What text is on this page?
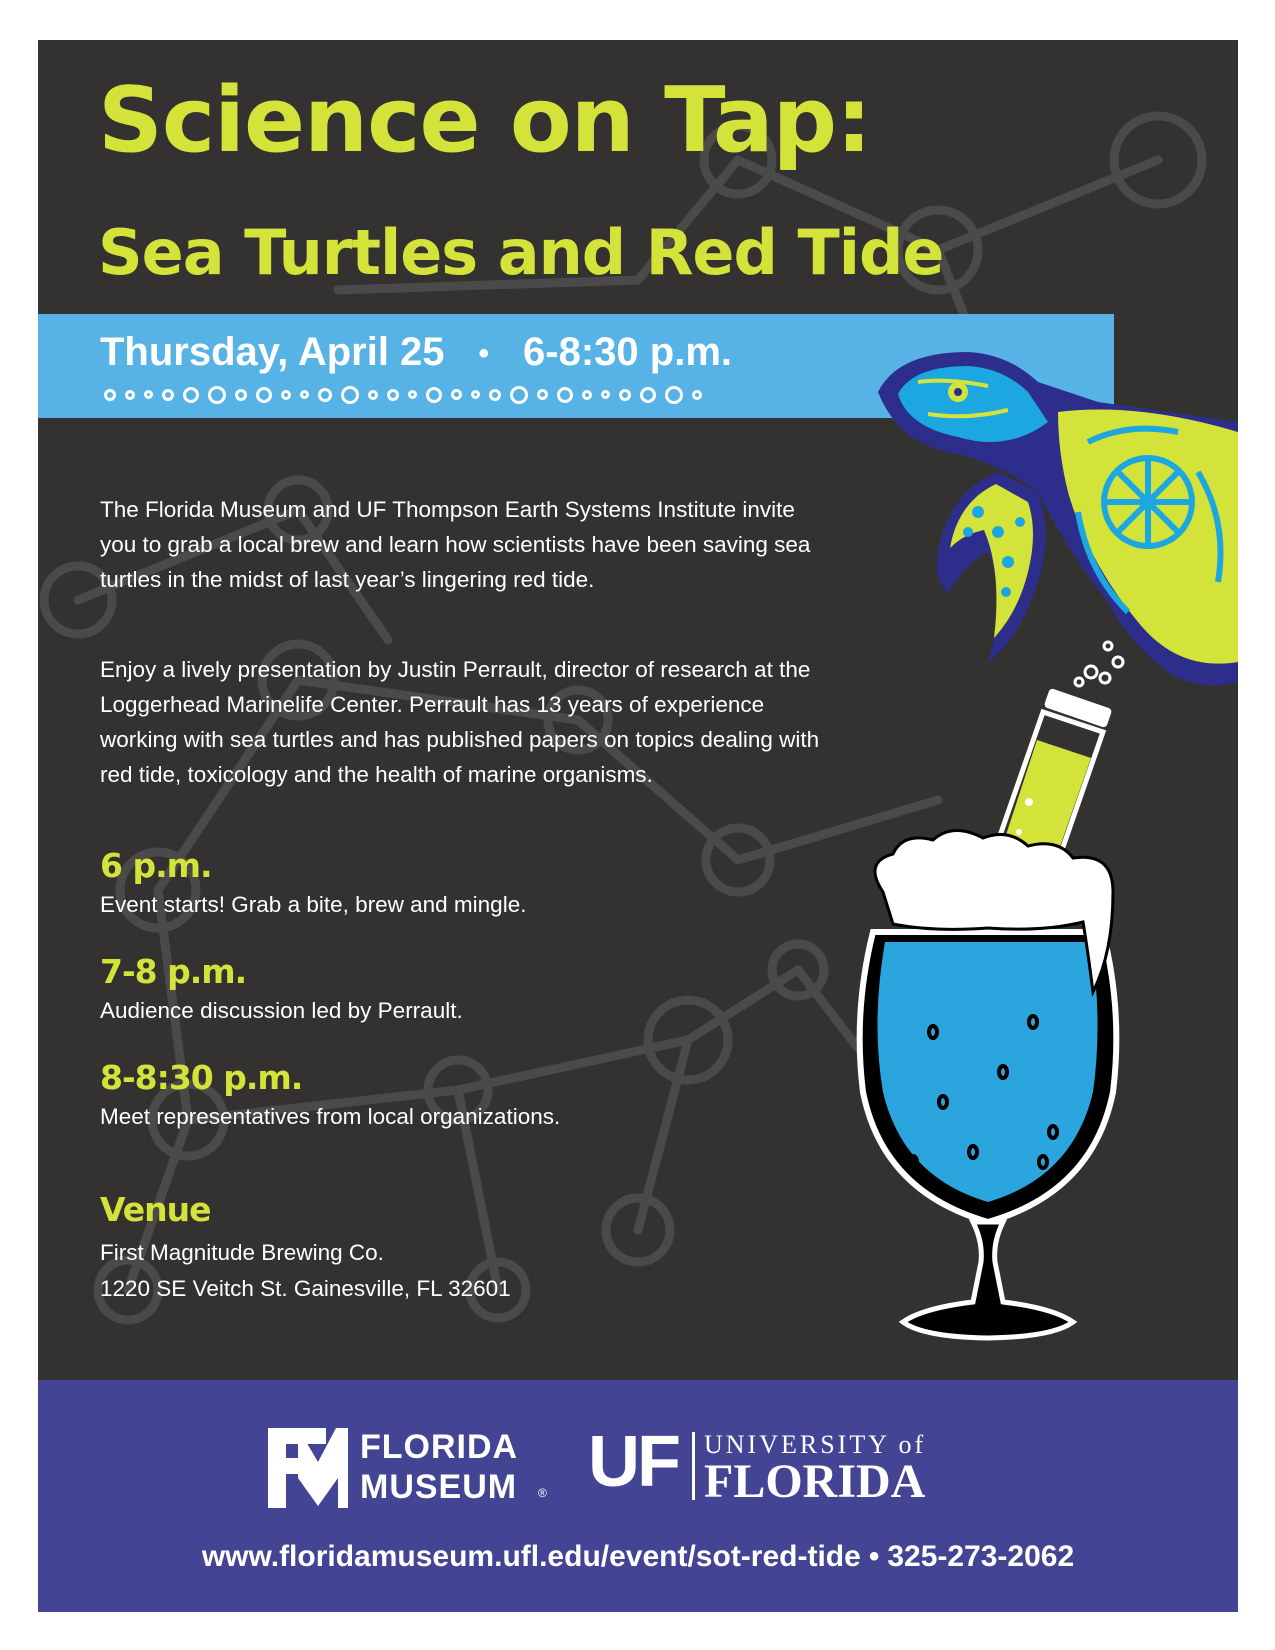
Science on Tap:
Sea Turtles and Red Tide
Thursday, April 25 • 6-8:30 p.m.

The Florida Museum and UF Thompson Earth Systems Institute invite you to grab a local brew and learn how scientists have been saving sea turtles in the midst of last year’s lingering red tide.

Enjoy a lively presentation by Justin Perrault, director of research at the Loggerhead Marinelife Center. Perrault has 13 years of experience working with sea turtles and has published papers on topics dealing with red tide, toxicology and the health of marine organisms.

6 p.m.

Event starts! Grab a bite, brew and mingle.

7-8 p.m.

Audience discussion led by Perrault.

8-8:30 p.m.

Meet representatives from local organizations.

Venue

First Magnitude Brewing Co.

1220 SE Veitch St. Gainesville, FL 32601

FLORIDA
MUSEUM ® UF UNIVERSITY of
FLORIDA
www.floridamuseum.ufl.edu/event/sot-red-tide • 325-273-2062
